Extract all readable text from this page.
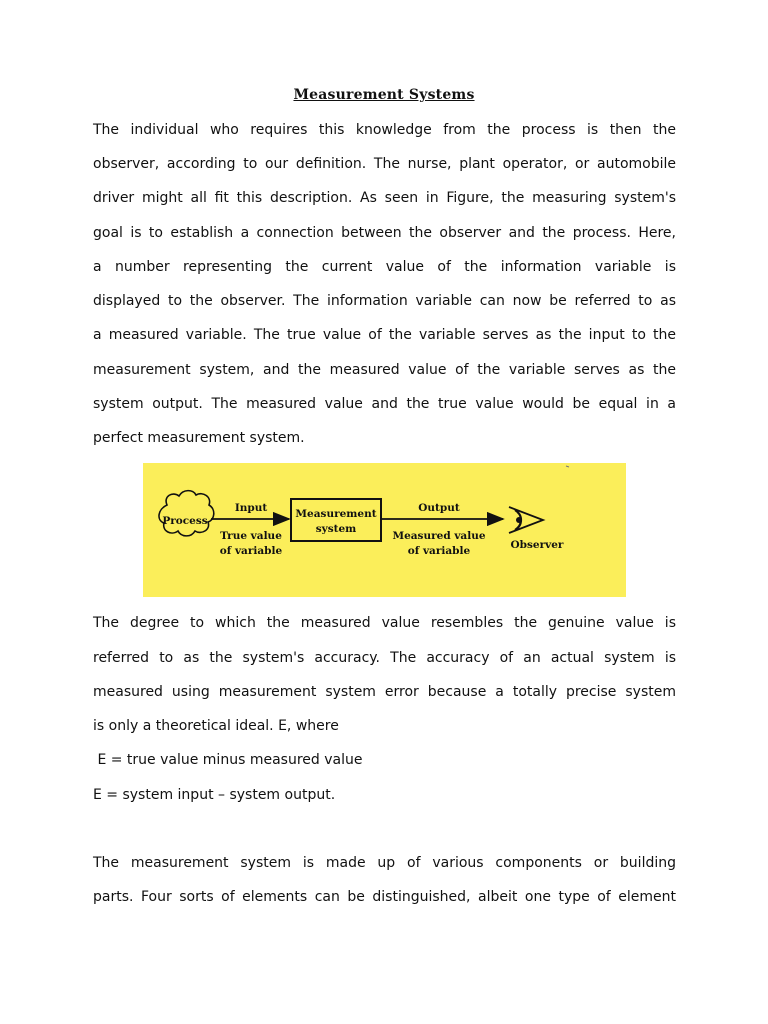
Measurement Systems
The individual who requires this knowledge from the process is then the
observer, according to our definition. The nurse, plant operator, or automobile
driver might all fit this description. As seen in Figure, the measuring system's
goal is to establish a connection between the observer and the process. Here,
a number representing the current value of the information variable is
displayed to the observer. The information variable can now be referred to as
a measured variable. The true value of the variable serves as the input to the
measurement system, and the measured value of the variable serves as the
system output. The measured value and the true value would be equal in a
perfect measurement system.
Process
Input
True value
of variable
Measurement
system
Output
Measured value
of variable	Observer
The degree to which the measured value resembles the genuine value is
referred to as the system's accuracy. The accuracy of an actual system is
measured using measurement system error because a totally precise system
is only a theoretical ideal. E, where
E = true value minus measured value
E = system input – system output.
The measurement system is made up of various components or building
parts. Four sorts of elements can be distinguished, albeit one type of element
